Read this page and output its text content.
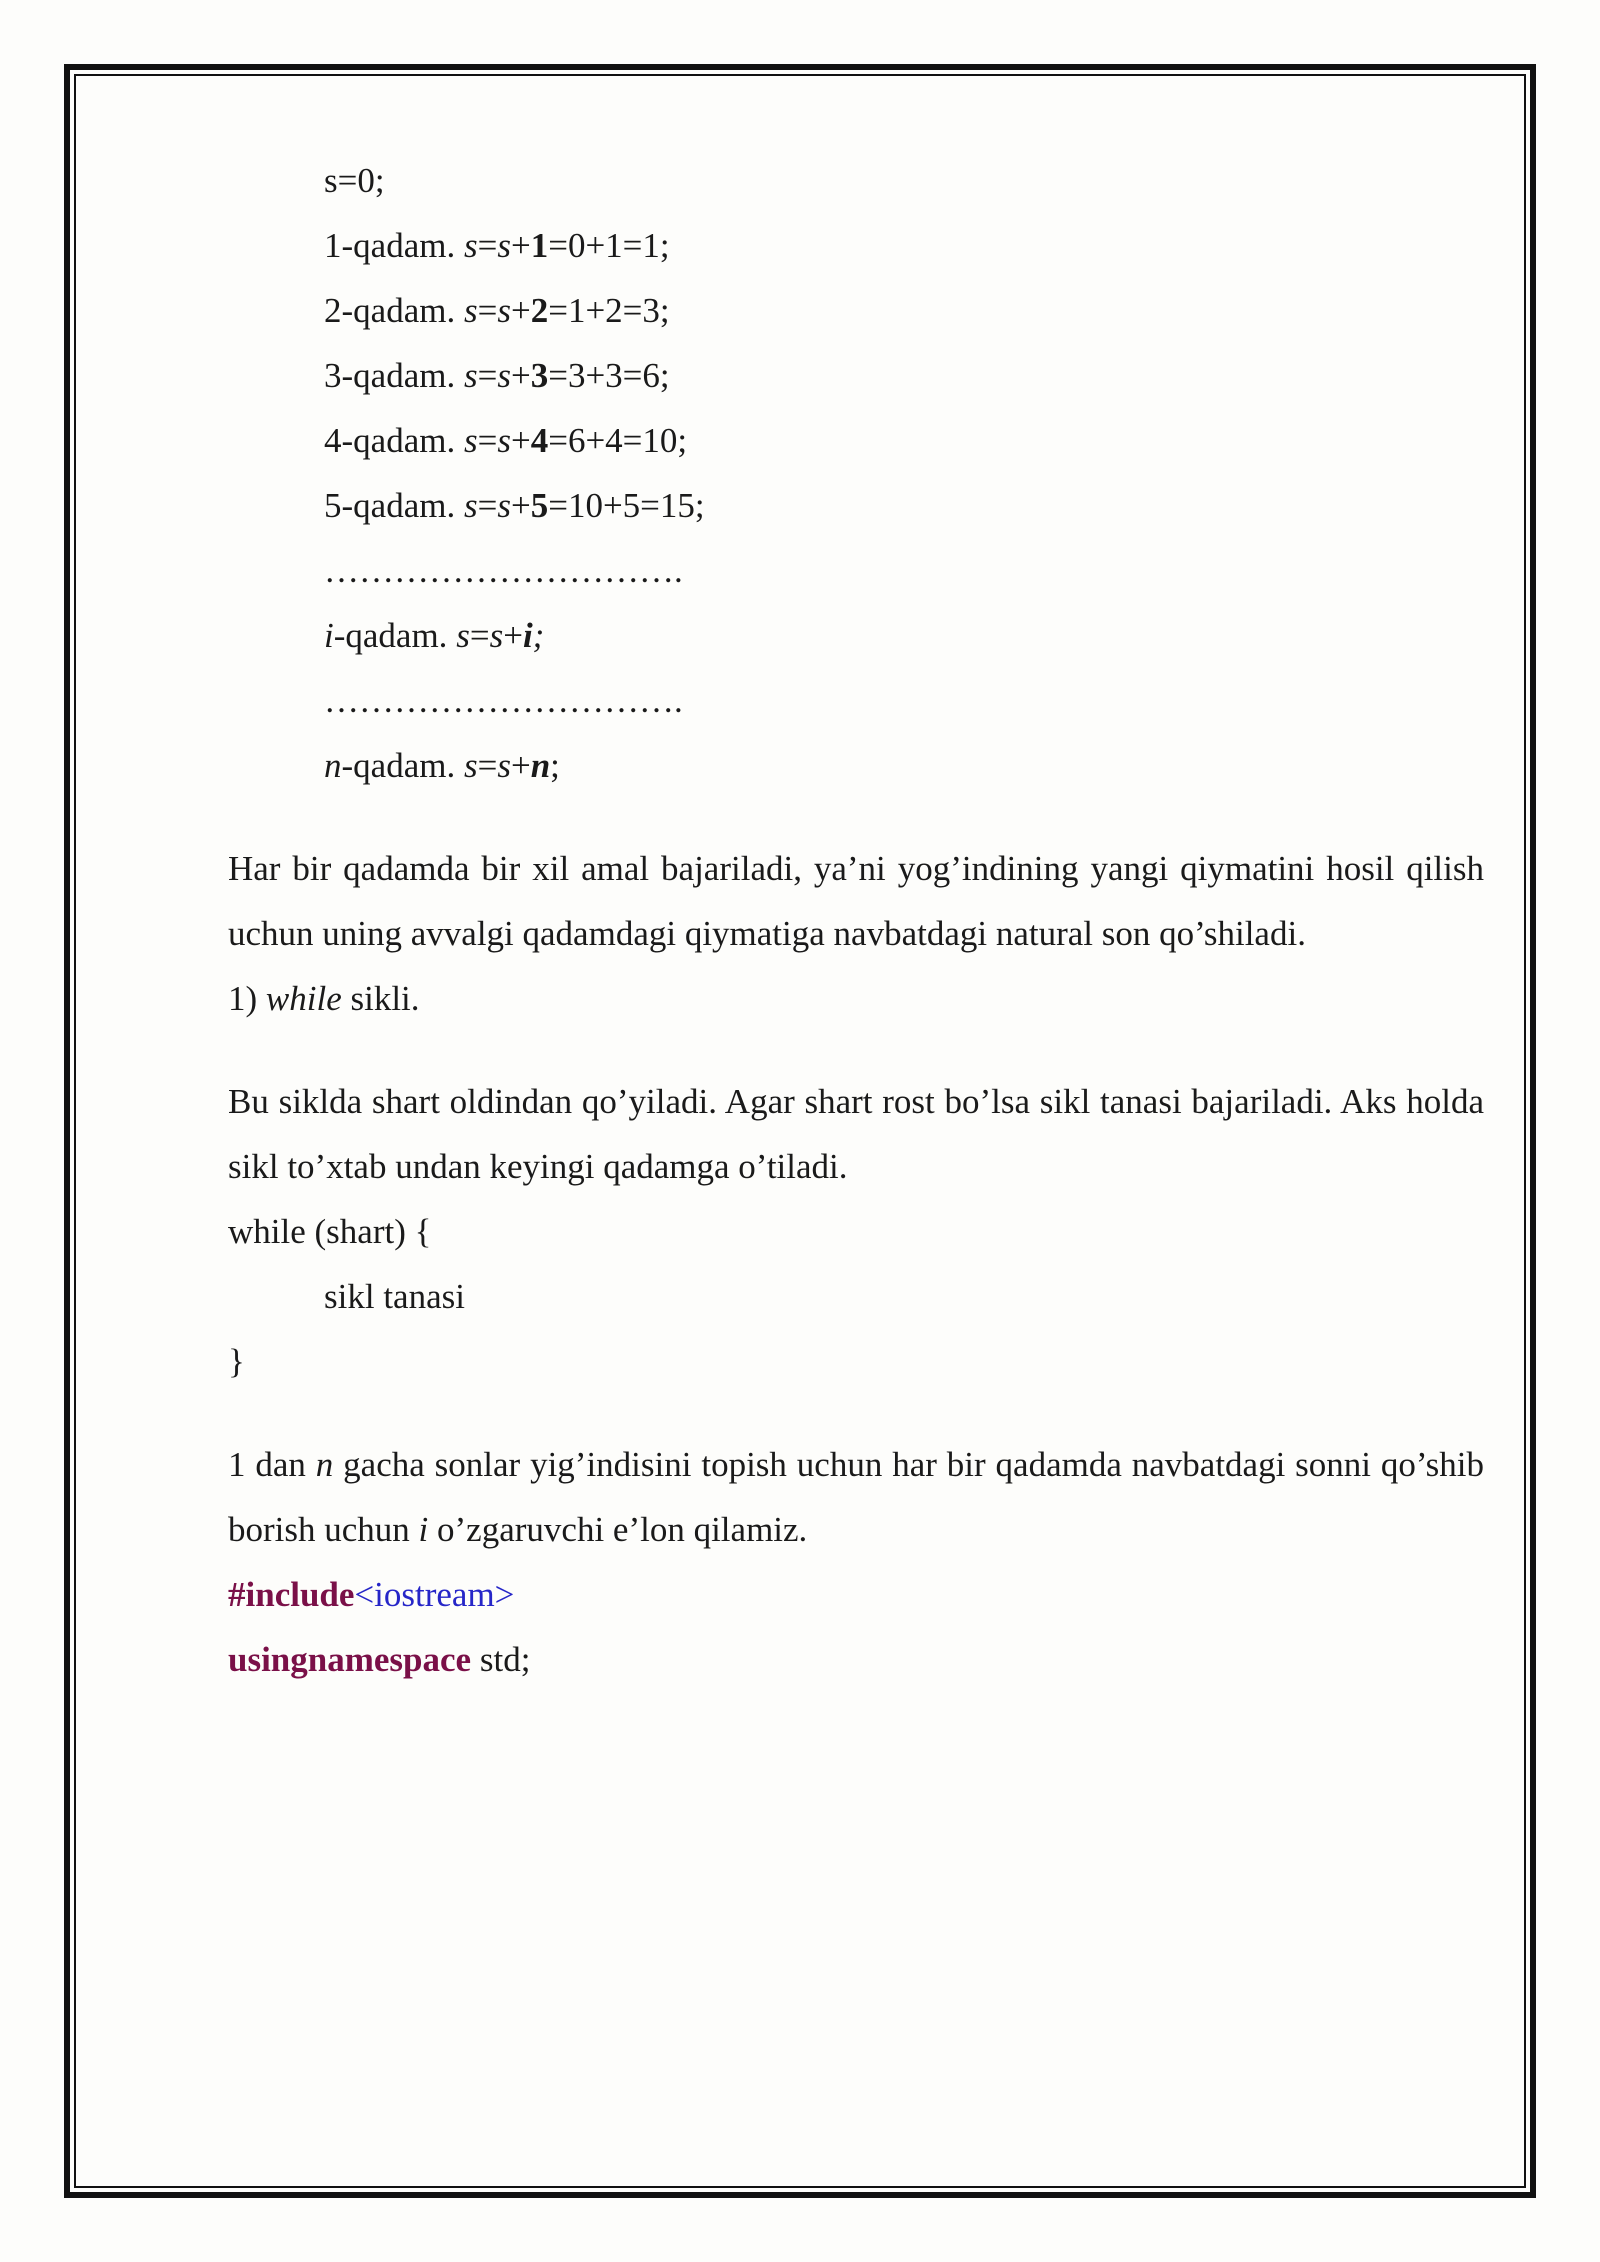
s=0;
1-qadam. s=s+1=0+1=1;
2-qadam. s=s+2=1+2=3;
3-qadam. s=s+3=3+3=6;
4-qadam. s=s+4=6+4=10;
5-qadam. s=s+5=10+5=15;
………………………….
i-qadam. s=s+i;
………………………….
n-qadam. s=s+n;

Har bir qadamda bir xil amal bajariladi, ya’ni yog’indining yangi qiymatini hosil qilish uchun uning avvalgi qadamdagi qiymatiga navbatdagi natural son qo’shiladi.

1) while sikli.

Bu siklda shart oldindan qo’yiladi. Agar shart rost bo’lsa sikl tanasi bajariladi. Aks holda sikl to’xtab undan keyingi qadamga o’tiladi.

while (shart) {

sikl tanasi

}

1 dan n gacha sonlar yig’indisini topish uchun har bir qadamda navbatdagi sonni qo’shib borish uchun i o’zgaruvchi e’lon qilamiz.

#include<iostream>

usingnamespace std;
